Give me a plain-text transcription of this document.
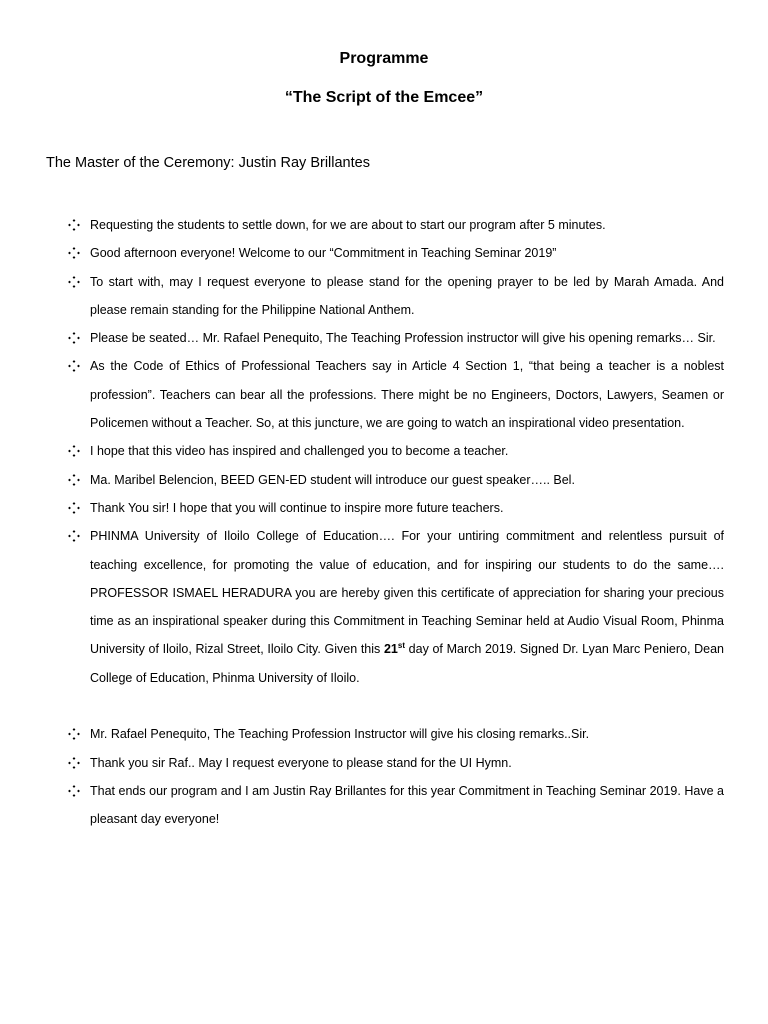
Programme
“The Script of the Emcee”
The Master of the Ceremony: Justin Ray Brillantes
Requesting the students to settle down, for we are about to start our program after 5 minutes.
Good afternoon everyone! Welcome to our “Commitment in Teaching Seminar 2019”
To start with, may I request everyone to please stand for the opening prayer to be led by Marah Amada. And please remain standing for the Philippine National Anthem.
Please be seated… Mr. Rafael Penequito, The Teaching Profession instructor will give his opening remarks… Sir.
As the Code of Ethics of Professional Teachers say in Article 4 Section 1, “that being a teacher is a noblest profession”. Teachers can bear all the professions. There might be no Engineers, Doctors, Lawyers, Seamen or Policemen without a Teacher. So, at this juncture, we are going to watch an inspirational video presentation.
I hope that this video has inspired and challenged you to become a teacher.
Ma. Maribel Belencion, BEED GEN-ED student will introduce our guest speaker….. Bel.
Thank You sir! I hope that you will continue to inspire more future teachers.
PHINMA University of Iloilo College of Education…. For your untiring commitment and relentless pursuit of teaching excellence, for promoting the value of education, and for inspiring our students to do the same…. PROFESSOR ISMAEL HERADURA you are hereby given this certificate of appreciation for sharing your precious time as an inspirational speaker during this Commitment in Teaching Seminar held at Audio Visual Room, Phinma University of Iloilo, Rizal Street, Iloilo City. Given this 21st day of March 2019. Signed Dr. Lyan Marc Peniero, Dean College of Education, Phinma University of Iloilo.
Mr. Rafael Penequito, The Teaching Profession Instructor will give his closing remarks..Sir.
Thank you sir Raf.. May I request everyone to please stand for the UI Hymn.
That ends our program and I am Justin Ray Brillantes for this year Commitment in Teaching Seminar 2019. Have a pleasant day everyone!
